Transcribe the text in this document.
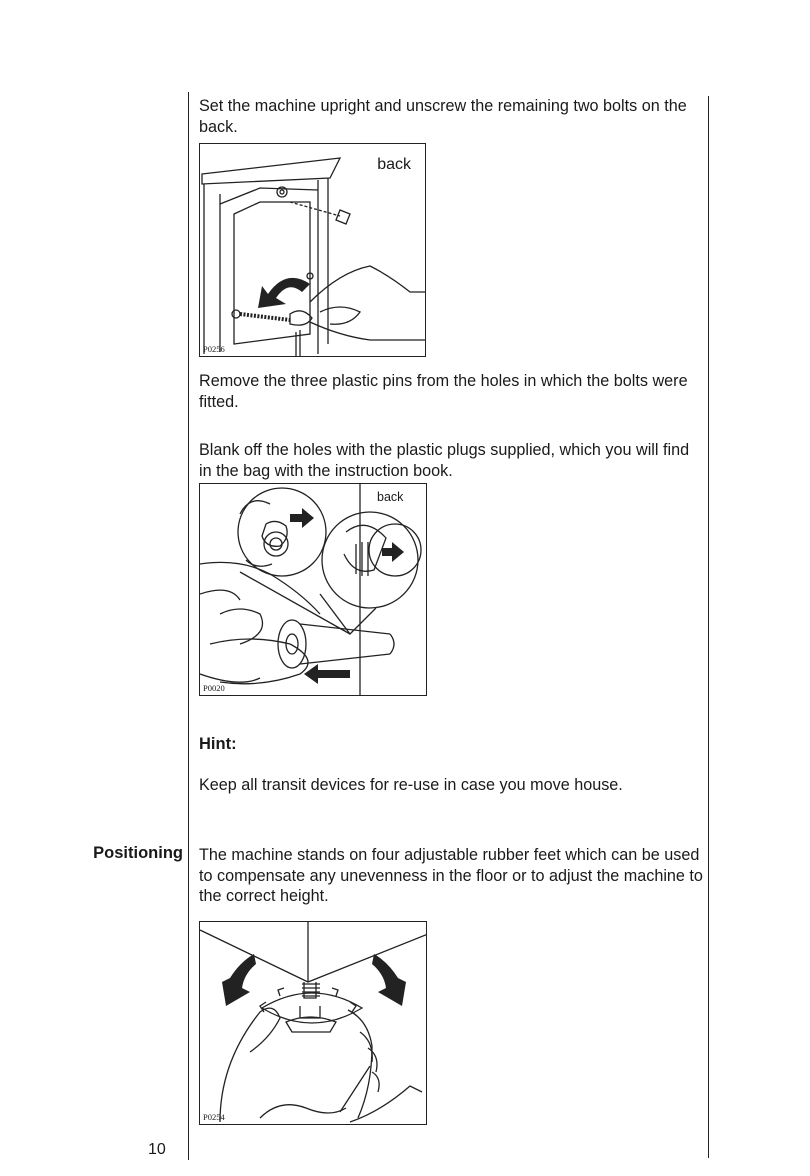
Set the machine upright and unscrew the remaining two bolts on the back.

back
P0256

Remove the three plastic pins from the holes in which the bolts were fitted.

Blank off the holes with the plastic plugs supplied, which you will find in the bag with the instruction book.

back
P0020

Hint:

Keep all transit devices for re-use in case you move house.

Positioning The machine stands on four adjustable rubber feet which can be used to compensate any unevenness in the floor or to adjust the machine to the correct height.

P0254

10
